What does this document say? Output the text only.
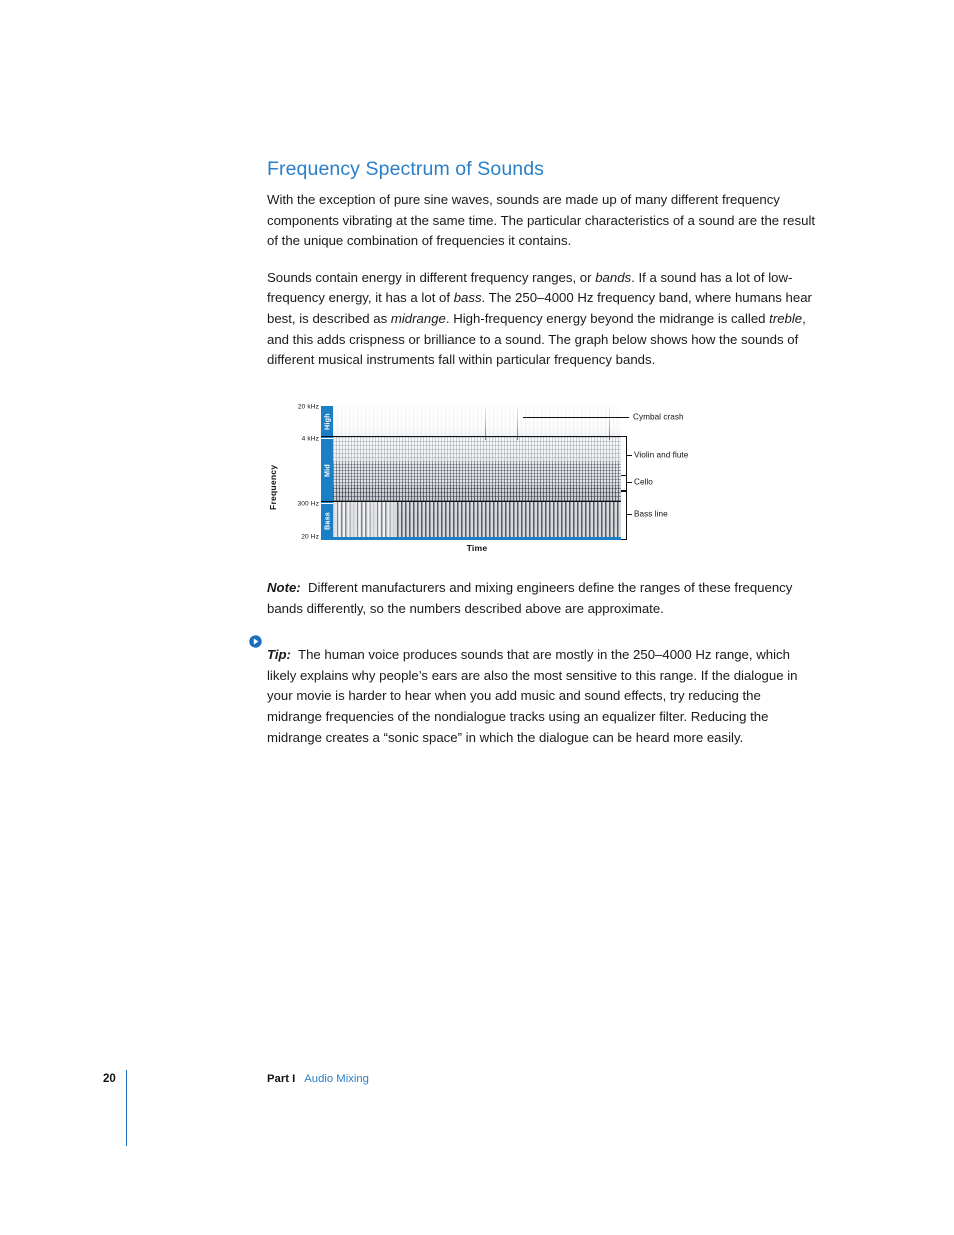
Frequency Spectrum of Sounds

With the exception of pure sine waves, sounds are made up of many different frequency components vibrating at the same time. The particular characteristics of a sound are the result of the unique combination of frequencies it contains.

Sounds contain energy in different frequency ranges, or bands. If a sound has a lot of low-frequency energy, it has a lot of bass. The 250–4000 Hz frequency band, where humans hear best, is described as midrange. High-frequency energy beyond the midrange is called treble, and this adds crispness or brilliance to a sound. The graph below shows how the sounds of different musical instruments fall within particular frequency bands.

Frequency
20 kHz
4 kHz
300 Hz
20 Hz
High
Mid
Bass
Cymbal crash
Violin and flute
Cello
Bass line
Time

Note: Different manufacturers and mixing engineers define the ranges of these frequency bands differently, so the numbers described above are approximate.

Tip: The human voice produces sounds that are mostly in the 250–4000 Hz range, which likely explains why people’s ears are also the most sensitive to this range. If the dialogue in your movie is harder to hear when you add music and sound effects, try reducing the midrange frequencies of the nondialogue tracks using an equalizer filter. Reducing the midrange creates a “sonic space” in which the dialogue can be heard more easily.

20	Part I Audio Mixing
